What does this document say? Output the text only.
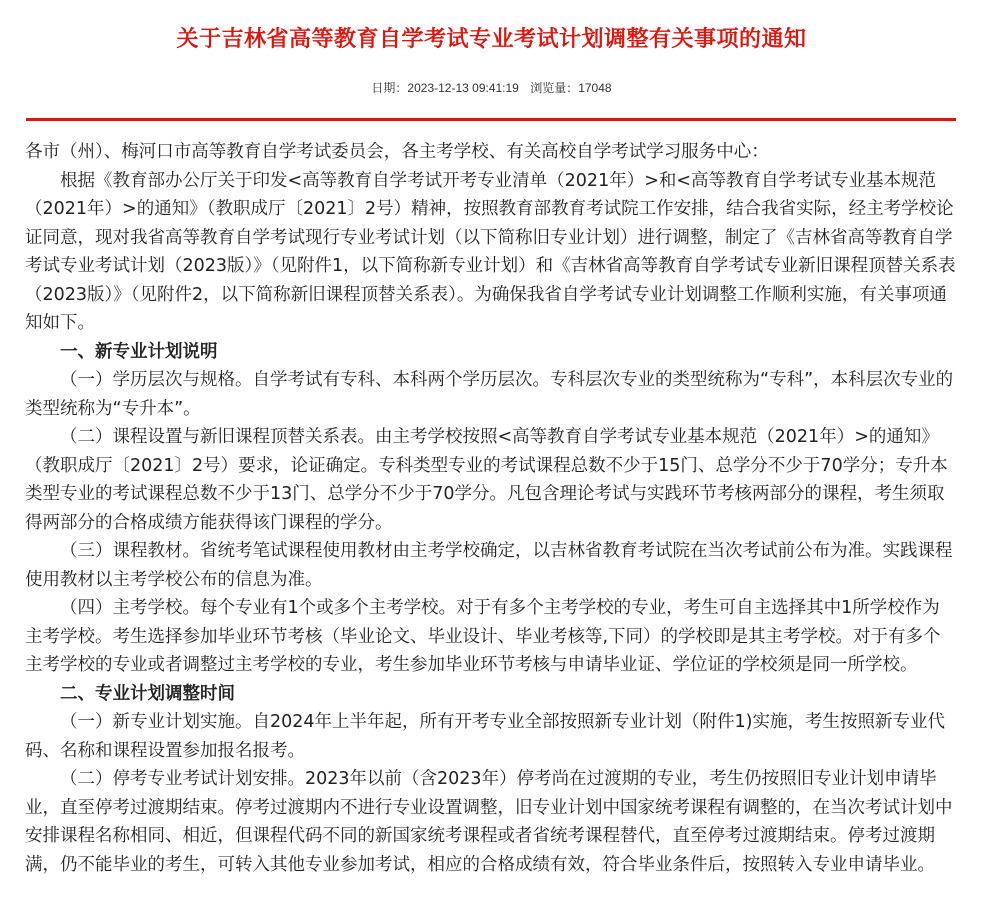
关于吉林省高等教育自学考试专业考试计划调整有关事项的通知
日期：2023-12-13 09:41:19 浏览量：17048

各市（州）、梅河口市高等教育自学考试委员会，各主考学校、有关高校自学考试学习服务中心：

根据《教育部办公厅关于印发<高等教育自学考试开考专业清单（2021年）>和<高等教育自学考试专业基本规范（2021年）>的通知》（教职成厅〔2021〕2号）精神，按照教育部教育考试院工作安排，结合我省实际，经主考学校论证同意，现对我省高等教育自学考试现行专业考试计划（以下简称旧专业计划）进行调整，制定了《吉林省高等教育自学考试专业考试计划（2023版）》（见附件1，以下简称新专业计划）和《吉林省高等教育自学考试专业新旧课程顶替关系表（2023版）》（见附件2，以下简称新旧课程顶替关系表）。为确保我省自学考试专业计划调整工作顺利实施，有关事项通知如下。

一、新专业计划说明

（一）学历层次与规格。自学考试有专科、本科两个学历层次。专科层次专业的类型统称为“专科”，本科层次专业的类型统称为“专升本”。

（二）课程设置与新旧课程顶替关系表。由主考学校按照<高等教育自学考试专业基本规范（2021年）>的通知》（教职成厅〔2021〕2号）要求，论证确定。专科类型专业的考试课程总数不少于15门、总学分不少于70学分；专升本类型专业的考试课程总数不少于13门、总学分不少于70学分。凡包含理论考试与实践环节考核两部分的课程，考生须取得两部分的合格成绩方能获得该门课程的学分。

（三）课程教材。省统考笔试课程使用教材由主考学校确定，以吉林省教育考试院在当次考试前公布为准。实践课程使用教材以主考学校公布的信息为准。

（四）主考学校。每个专业有1个或多个主考学校。对于有多个主考学校的专业，考生可自主选择其中1所学校作为主考学校。考生选择参加毕业环节考核（毕业论文、毕业设计、毕业考核等,下同）的学校即是其主考学校。对于有多个主考学校的专业或者调整过主考学校的专业，考生参加毕业环节考核与申请毕业证、学位证的学校须是同一所学校。

二、专业计划调整时间

（一）新专业计划实施。自2024年上半年起，所有开考专业全部按照新专业计划（附件1)实施，考生按照新专业代码、名称和课程设置参加报名报考。

（二）停考专业考试计划安排。2023年以前（含2023年）停考尚在过渡期的专业，考生仍按照旧专业计划申请毕业，直至停考过渡期结束。停考过渡期内不进行专业设置调整，旧专业计划中国家统考课程有调整的，在当次考试计划中安排课程名称相同、相近，但课程代码不同的新国家统考课程或者省统考课程替代，直至停考过渡期结束。停考过渡期满，仍不能毕业的考生，可转入其他专业参加考试，相应的合格成绩有效，符合毕业条件后，按照转入专业申请毕业。
